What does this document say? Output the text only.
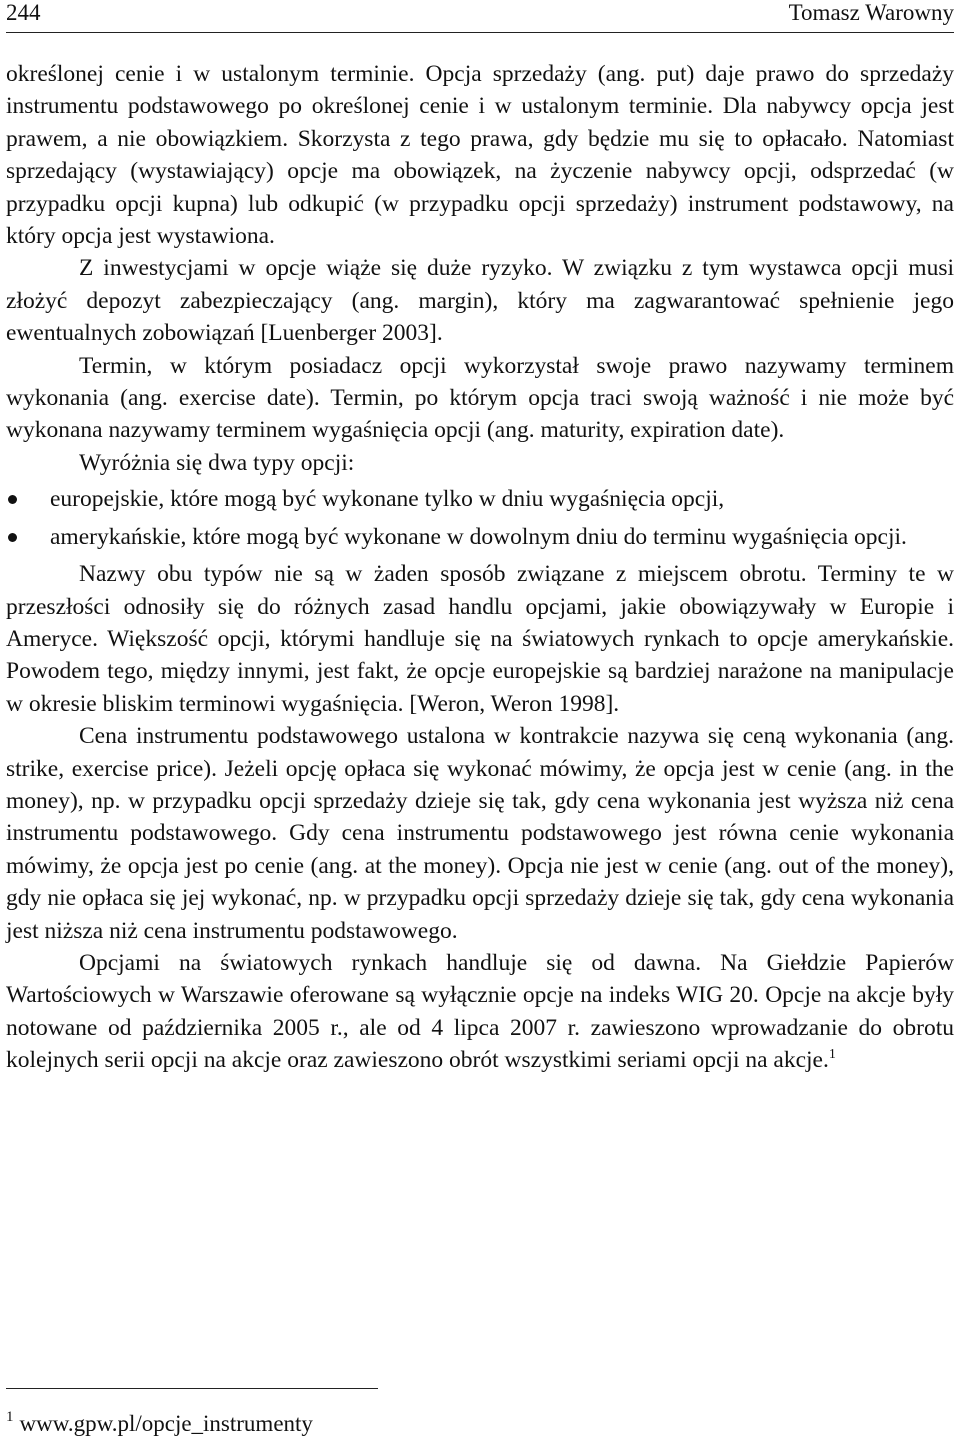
244	Tomasz Warowny

określonej cenie i w ustalonym terminie. Opcja sprzedaży (ang. put) daje prawo do sprzedaży instrumentu podstawowego po określonej cenie i w ustalonym terminie. Dla nabywcy opcja jest prawem, a nie obowiązkiem. Skorzysta z tego prawa, gdy będzie mu się to opłacało. Natomiast sprzedający (wystawiający) opcje ma obowiązek, na życzenie nabywcy opcji, odsprzedać (w przypadku opcji kupna) lub odkupić (w przypadku opcji sprzedaży) instrument podstawowy, na który opcja jest wystawiona.

Z inwestycjami w opcje wiąże się duże ryzyko. W związku z tym wystawca opcji musi złożyć depozyt zabezpieczający (ang. margin), który ma zagwarantować spełnienie jego ewentualnych zobowiązań [Luenberger 2003].

Termin, w którym posiadacz opcji wykorzystał swoje prawo nazywamy terminem wykonania (ang. exercise date). Termin, po którym opcja traci swoją ważność i nie może być wykonana nazywamy terminem wygaśnięcia opcji (ang. maturity, expiration date).

Wyróżnia się dwa typy opcji:

europejskie, które mogą być wykonane tylko w dniu wygaśnięcia opcji,
amerykańskie, które mogą być wykonane w dowolnym dniu do terminu wygaśnięcia opcji.

Nazwy obu typów nie są w żaden sposób związane z miejscem obrotu. Terminy te w przeszłości odnosiły się do różnych zasad handlu opcjami, jakie obowiązywały w Europie i Ameryce. Większość opcji, którymi handluje się na światowych rynkach to opcje amerykańskie. Powodem tego, między innymi, jest fakt, że opcje europejskie są bardziej narażone na manipulacje w okresie bliskim terminowi wygaśnięcia. [Weron, Weron 1998].

Cena instrumentu podstawowego ustalona w kontrakcie nazywa się ceną wykonania (ang. strike, exercise price). Jeżeli opcję opłaca się wykonać mówimy, że opcja jest w cenie (ang. in the money), np. w przypadku opcji sprzedaży dzieje się tak, gdy cena wykonania jest wyższa niż cena instrumentu podstawowego. Gdy cena instrumentu podstawowego jest równa cenie wykonania mówimy, że opcja jest po cenie (ang. at the money). Opcja nie jest w cenie (ang. out of the money), gdy nie opłaca się jej wykonać, np. w przypadku opcji sprzedaży dzieje się tak, gdy cena wykonania jest niższa niż cena instrumentu podstawowego.

Opcjami na światowych rynkach handluje się od dawna. Na Giełdzie Papierów Wartościowych w Warszawie oferowane są wyłącznie opcje na indeks WIG 20. Opcje na akcje były notowane od października 2005 r., ale od 4 lipca 2007 r. zawieszono wprowadzanie do obrotu kolejnych serii opcji na akcje oraz zawieszono obrót wszystkimi seriami opcji na akcje.$^1$

$^1$ www.gpw.pl/opcje_instrumenty
